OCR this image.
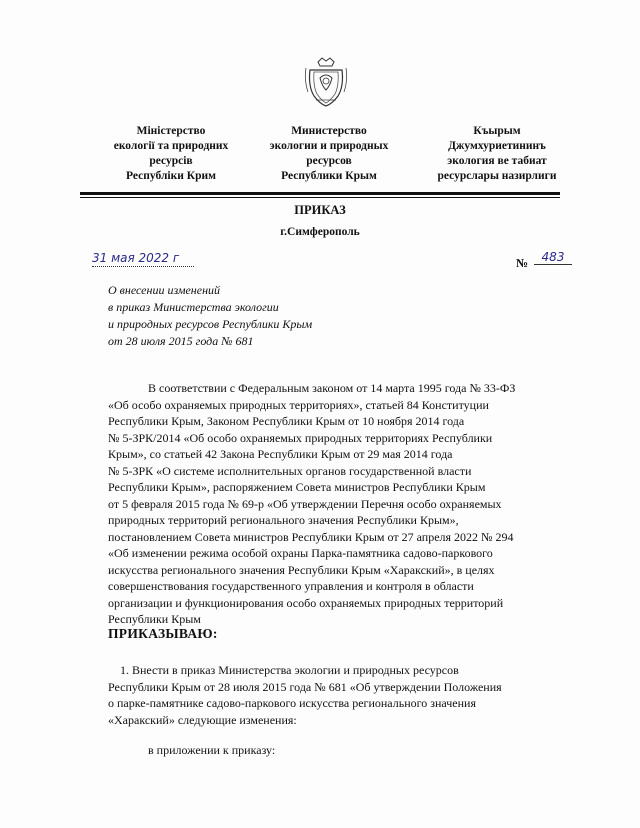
Міністерство
екології та природних
ресурсів
Республіки Крим
Министерство
экологии и природных
ресурсов
Республики Крым
Къырым
Джумхуриетининъ
экология ве табиат
ресурслары назирлиги
ПРИКАЗ
г.Симферополь
31 мая 2022 г	№	483
О внесении изменений
в приказ Министерства экологии
и природных ресурсов Республики Крым
от 28 июля 2015 года № 681
В соответствии с Федеральным законом от 14 марта 1995 года № 33-ФЗ
«Об особо охраняемых природных территориях», статьей 84 Конституции
Республики Крым, Законом Республики Крым от 10 ноября 2014 года
№ 5-ЗРК/2014 «Об особо охраняемых природных территориях Республики
Крым», со статьей 42 Закона Республики Крым от 29 мая 2014 года
№ 5-ЗРК «О системе исполнительных органов государственной власти
Республики Крым», распоряжением Совета министров Республики Крым
от 5 февраля 2015 года № 69-р «Об утверждении Перечня особо охраняемых
природных территорий регионального значения Республики Крым»,
постановлением Совета министров Республики Крым от 27 апреля 2022 № 294
«Об изменении режима особой охраны Парка-памятника садово-паркового
искусства регионального значения Республики Крым «Харакский», в целях
совершенствования государственного управления и контроля в области
организации и функционирования особо охраняемых природных территорий
Республики Крым
ПРИКАЗЫВАЮ:
1. Внести в приказ Министерства экологии и природных ресурсов
Республики Крым от 28 июля 2015 года № 681 «Об утверждении Положения
о парке-памятнике садово-паркового искусства регионального значения
«Харакский» следующие изменения:
в приложении к приказу:
